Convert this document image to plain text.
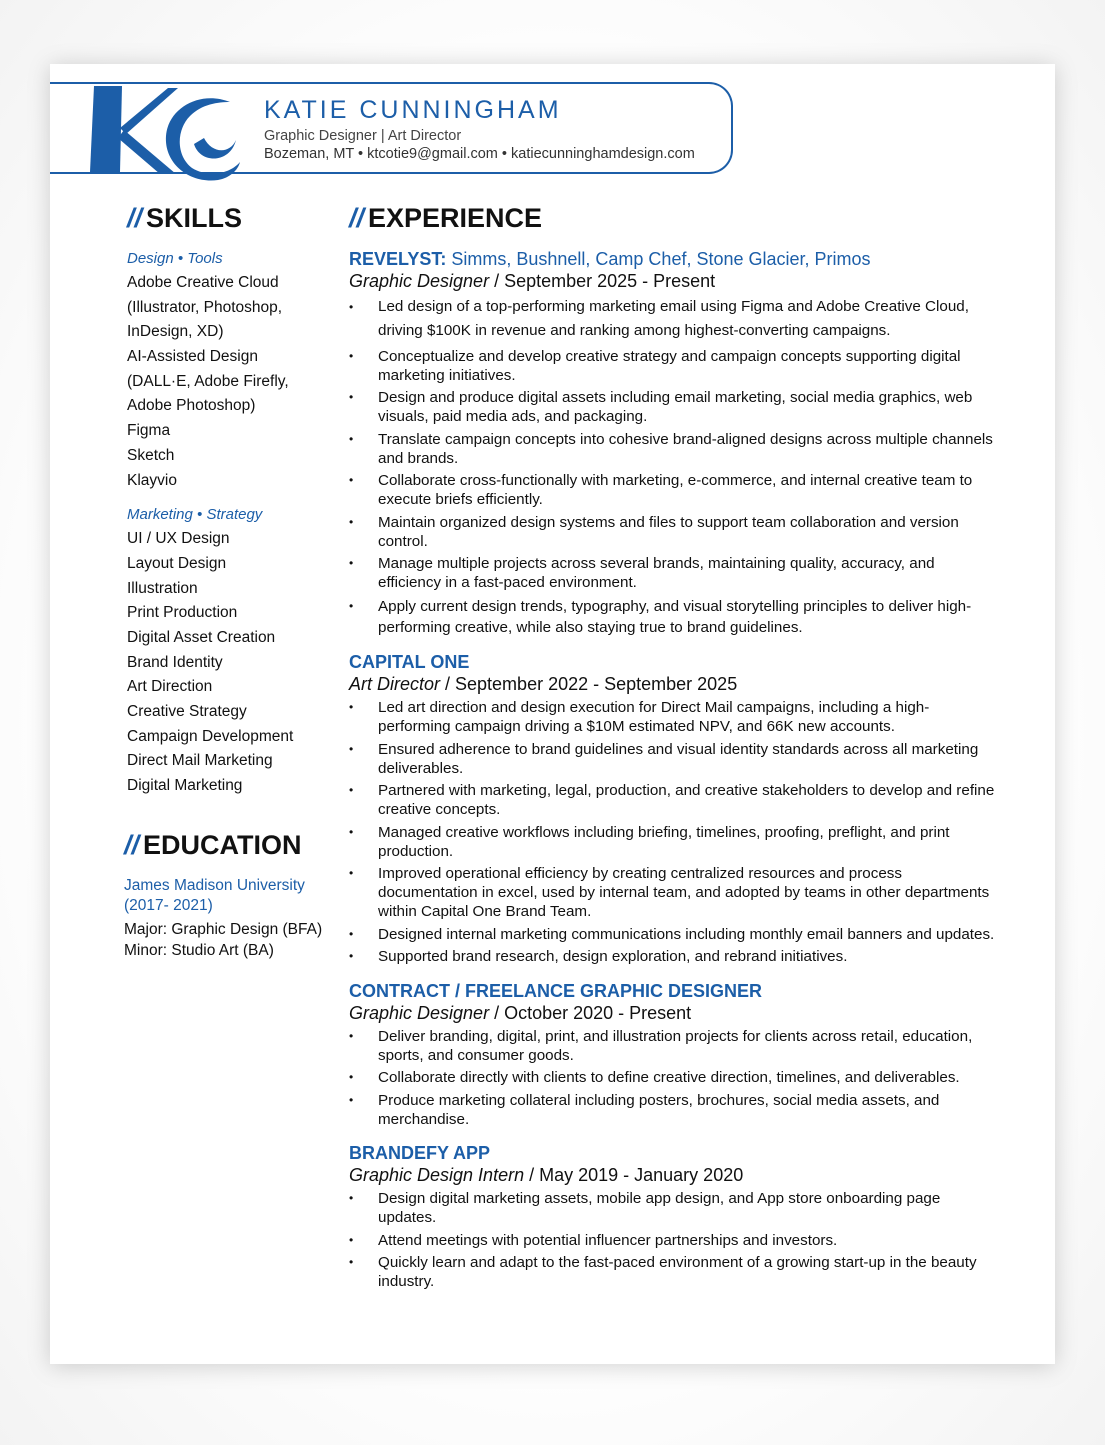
KATIE CUNNINGHAM
Graphic Designer | Art Director
Bozeman, MT • ktcotie9@gmail.com • katiecunninghamdesign.com
// SKILLS	// EXPERIENCE
Design • Tools
Adobe Creative Cloud
(Illustrator, Photoshop,
InDesign, XD)
AI-Assisted Design
(DALL·E, Adobe Firefly,
Adobe Photoshop)
Figma
Sketch
Klayvio
Marketing • Strategy
UI / UX Design
Layout Design
Illustration
Print Production
Digital Asset Creation
Brand Identity
Art Direction
Creative Strategy
Campaign Development
Direct Mail Marketing
Digital Marketing
// EDUCATION
James Madison University
(2017- 2021)
Major: Graphic Design (BFA)
Minor: Studio Art (BA)
REVELYST: Simms, Bushnell, Camp Chef, Stone Glacier, Primos
Graphic Designer / September 2025 - Present
• Led design of a top-performing marketing email using Figma and Adobe Creative Cloud, driving $100K in revenue and ranking among highest-converting campaigns.
• Conceptualize and develop creative strategy and campaign concepts supporting digital marketing initiatives.
• Design and produce digital assets including email marketing, social media graphics, web visuals, paid media ads, and packaging.
• Translate campaign concepts into cohesive brand-aligned designs across multiple channels and brands.
• Collaborate cross-functionally with marketing, e-commerce, and internal creative team to execute briefs efficiently.
• Maintain organized design systems and files to support team collaboration and version control.
• Manage multiple projects across several brands, maintaining quality, accuracy, and efficiency in a fast-paced environment.
• Apply current design trends, typography, and visual storytelling principles to deliver high-performing creative, while also staying true to brand guidelines.
CAPITAL ONE
Art Director / September 2022 - September 2025
• Led art direction and design execution for Direct Mail campaigns, including a high-performing campaign driving a $10M estimated NPV, and 66K new accounts.
• Ensured adherence to brand guidelines and visual identity standards across all marketing deliverables.
• Partnered with marketing, legal, production, and creative stakeholders to develop and refine creative concepts.
• Managed creative workflows including briefing, timelines, proofing, preflight, and print production.
• Improved operational efficiency by creating centralized resources and process documentation in excel, used by internal team, and adopted by teams in other departments within Capital One Brand Team.
• Designed internal marketing communications including monthly email banners and updates.
• Supported brand research, design exploration, and rebrand initiatives.
CONTRACT / FREELANCE GRAPHIC DESIGNER
Graphic Designer / October 2020 - Present
• Deliver branding, digital, print, and illustration projects for clients across retail, education, sports, and consumer goods.
• Collaborate directly with clients to define creative direction, timelines, and deliverables.
• Produce marketing collateral including posters, brochures, social media assets, and merchandise.
BRANDEFY APP
Graphic Design Intern / May 2019 - January 2020
• Design digital marketing assets, mobile app design, and App store onboarding page updates.
• Attend meetings with potential influencer partnerships and investors.
• Quickly learn and adapt to the fast-paced environment of a growing start-up in the beauty industry.
